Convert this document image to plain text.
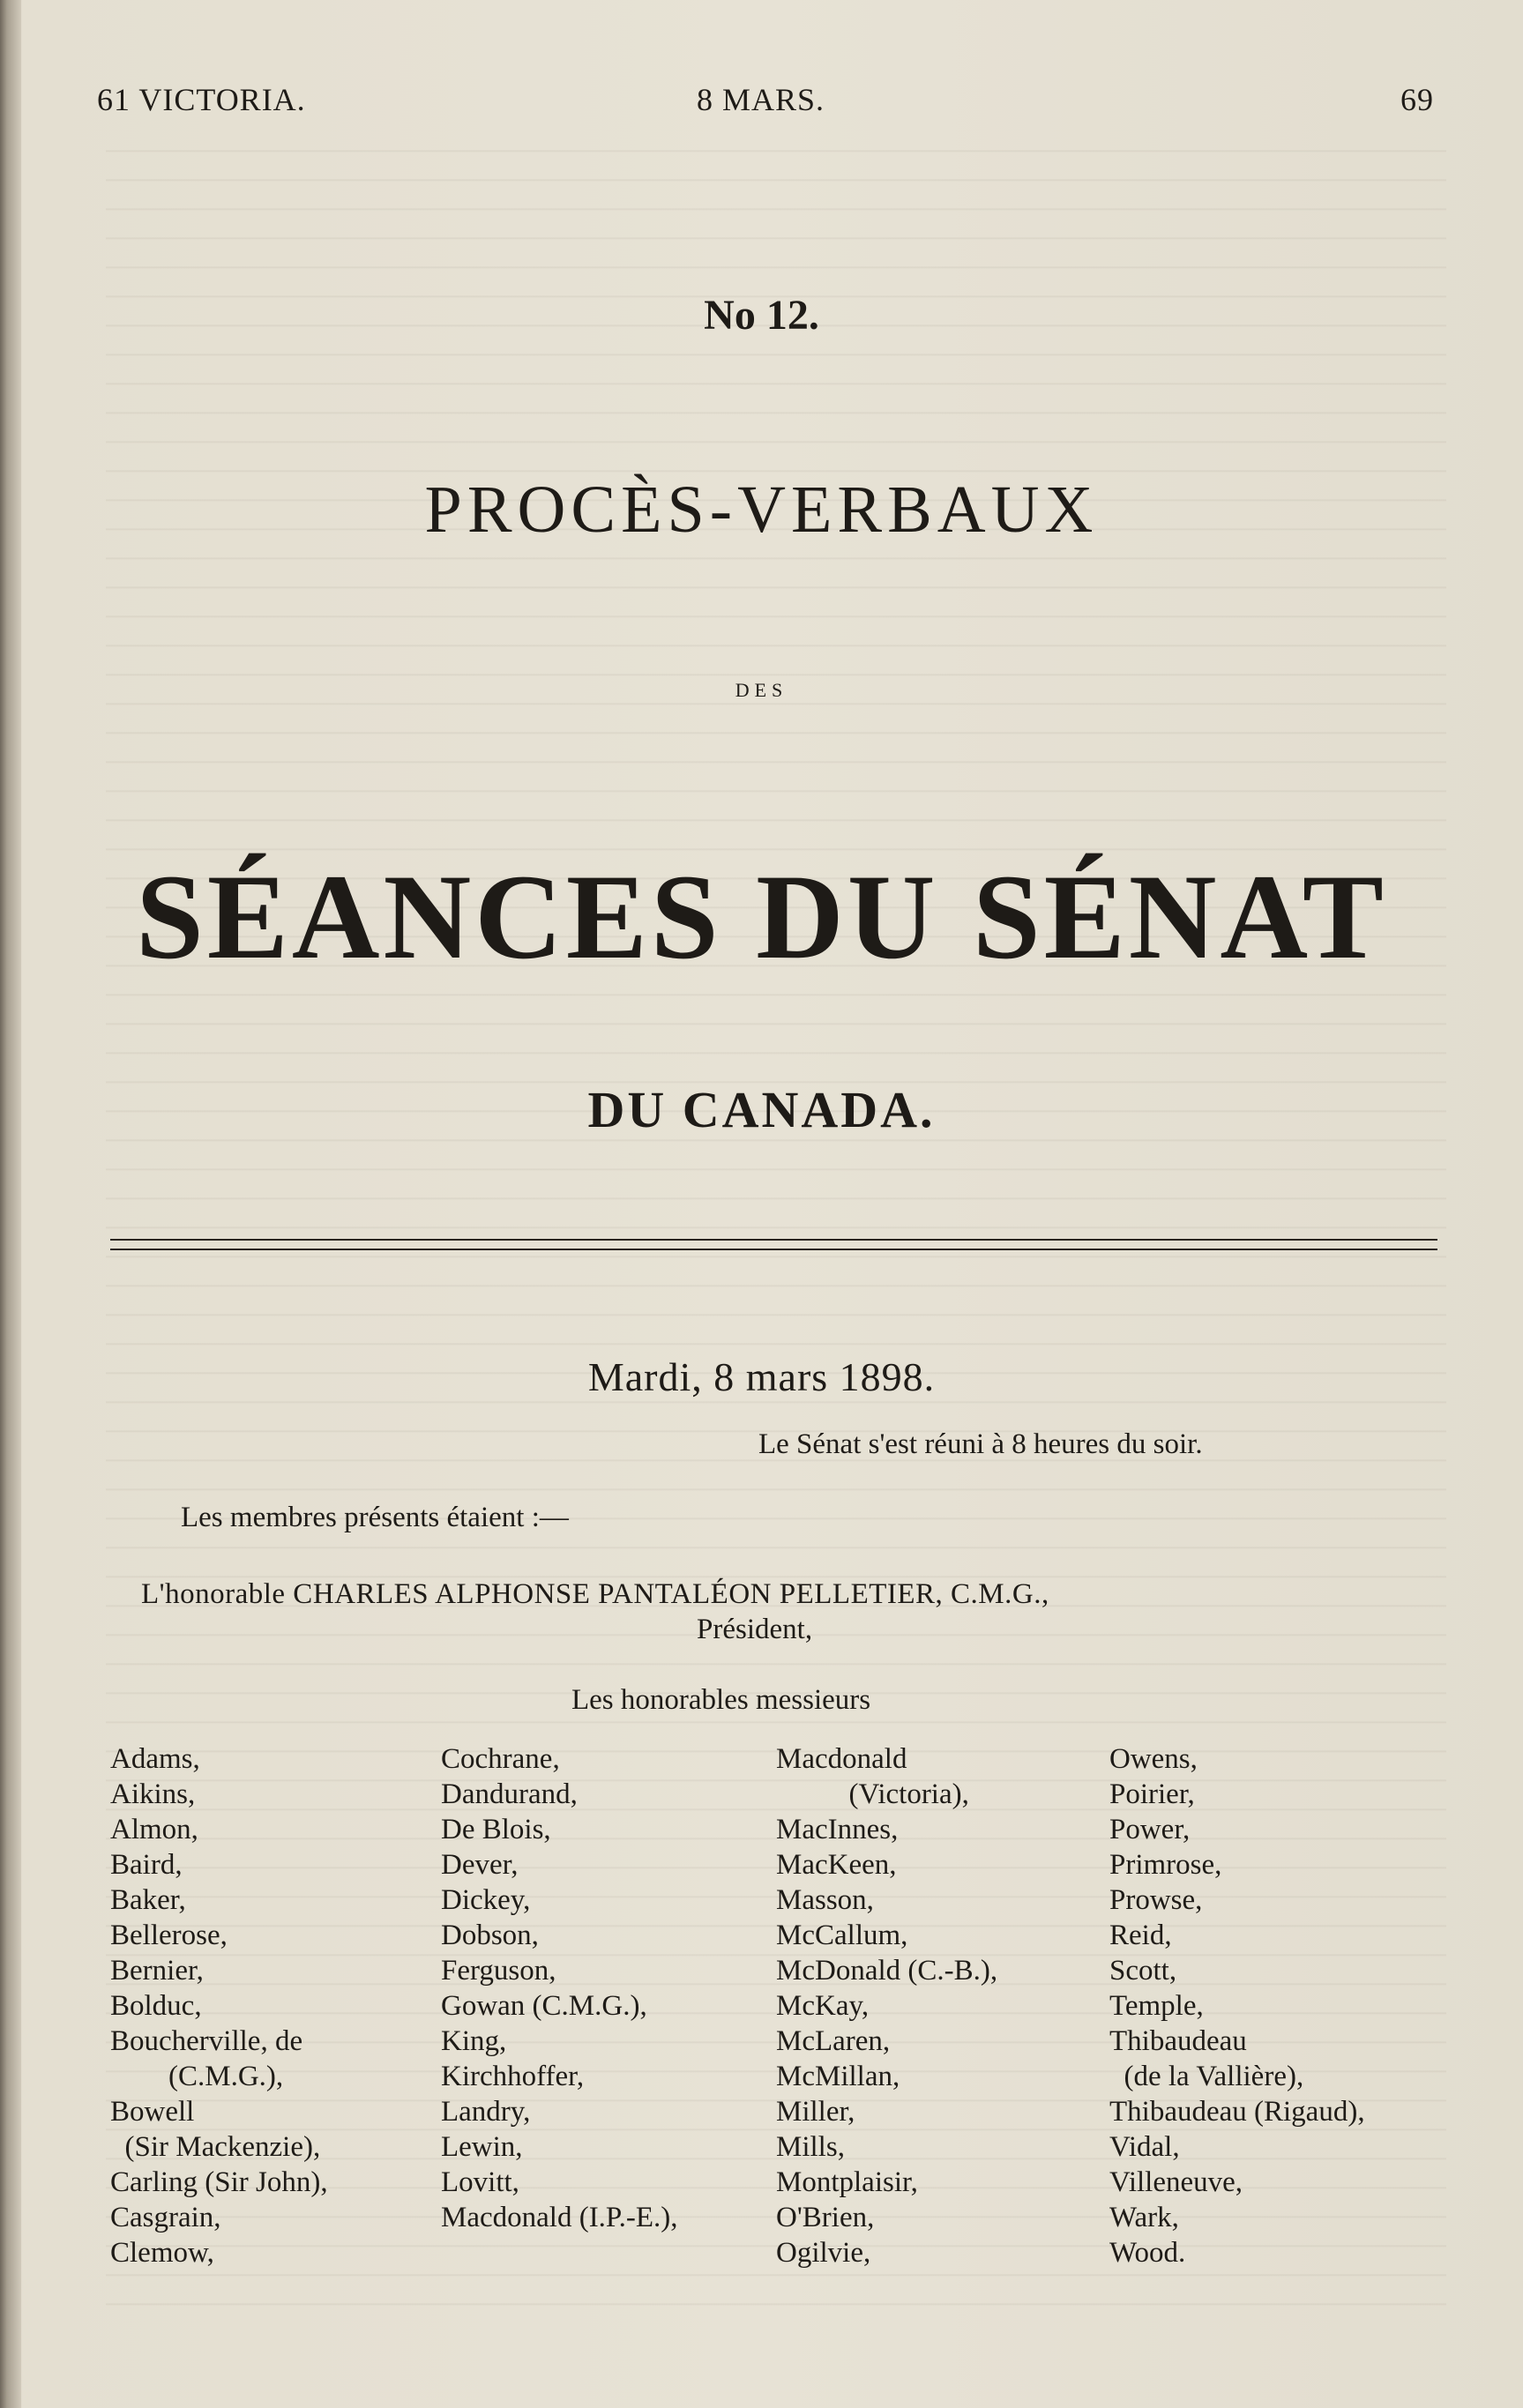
61 VICTORIA.	8 MARS.	69
No 12.
PROCÈS-VERBAUX
DES
SÉANCES DU SÉNAT
DU CANADA.
Mardi, 8 mars 1898.
Le Sénat s'est réuni à 8 heures du soir.
Les membres présents étaient :—
L'honorable CHARLES ALPHONSE PANTALÉON PELLETIER, C.M.G.,
Président,
Les honorables messieurs
Adams,
Aikins,
Almon,
Baird,
Baker,
Bellerose,
Bernier,
Bolduc,
Boucherville, de
(C.M.G.),
Bowell
(Sir Mackenzie),
Carling (Sir John),
Casgrain,
Clemow,
Cochrane,
Dandurand,
De Blois,
Dever,
Dickey,
Dobson,
Ferguson,
Gowan (C.M.G.),
King,
Kirchhoffer,
Landry,
Lewin,
Lovitt,
Macdonald (I.P.-E.),
Macdonald
(Victoria),
MacInnes,
MacKeen,
Masson,
McCallum,
McDonald (C.-B.),
McKay,
McLaren,
McMillan,
Miller,
Mills,
Montplaisir,
O'Brien,
Ogilvie,
Owens,
Poirier,
Power,
Primrose,
Prowse,
Reid,
Scott,
Temple,
Thibaudeau
(de la Vallière),
Thibaudeau (Rigaud),
Vidal,
Villeneuve,
Wark,
Wood.
